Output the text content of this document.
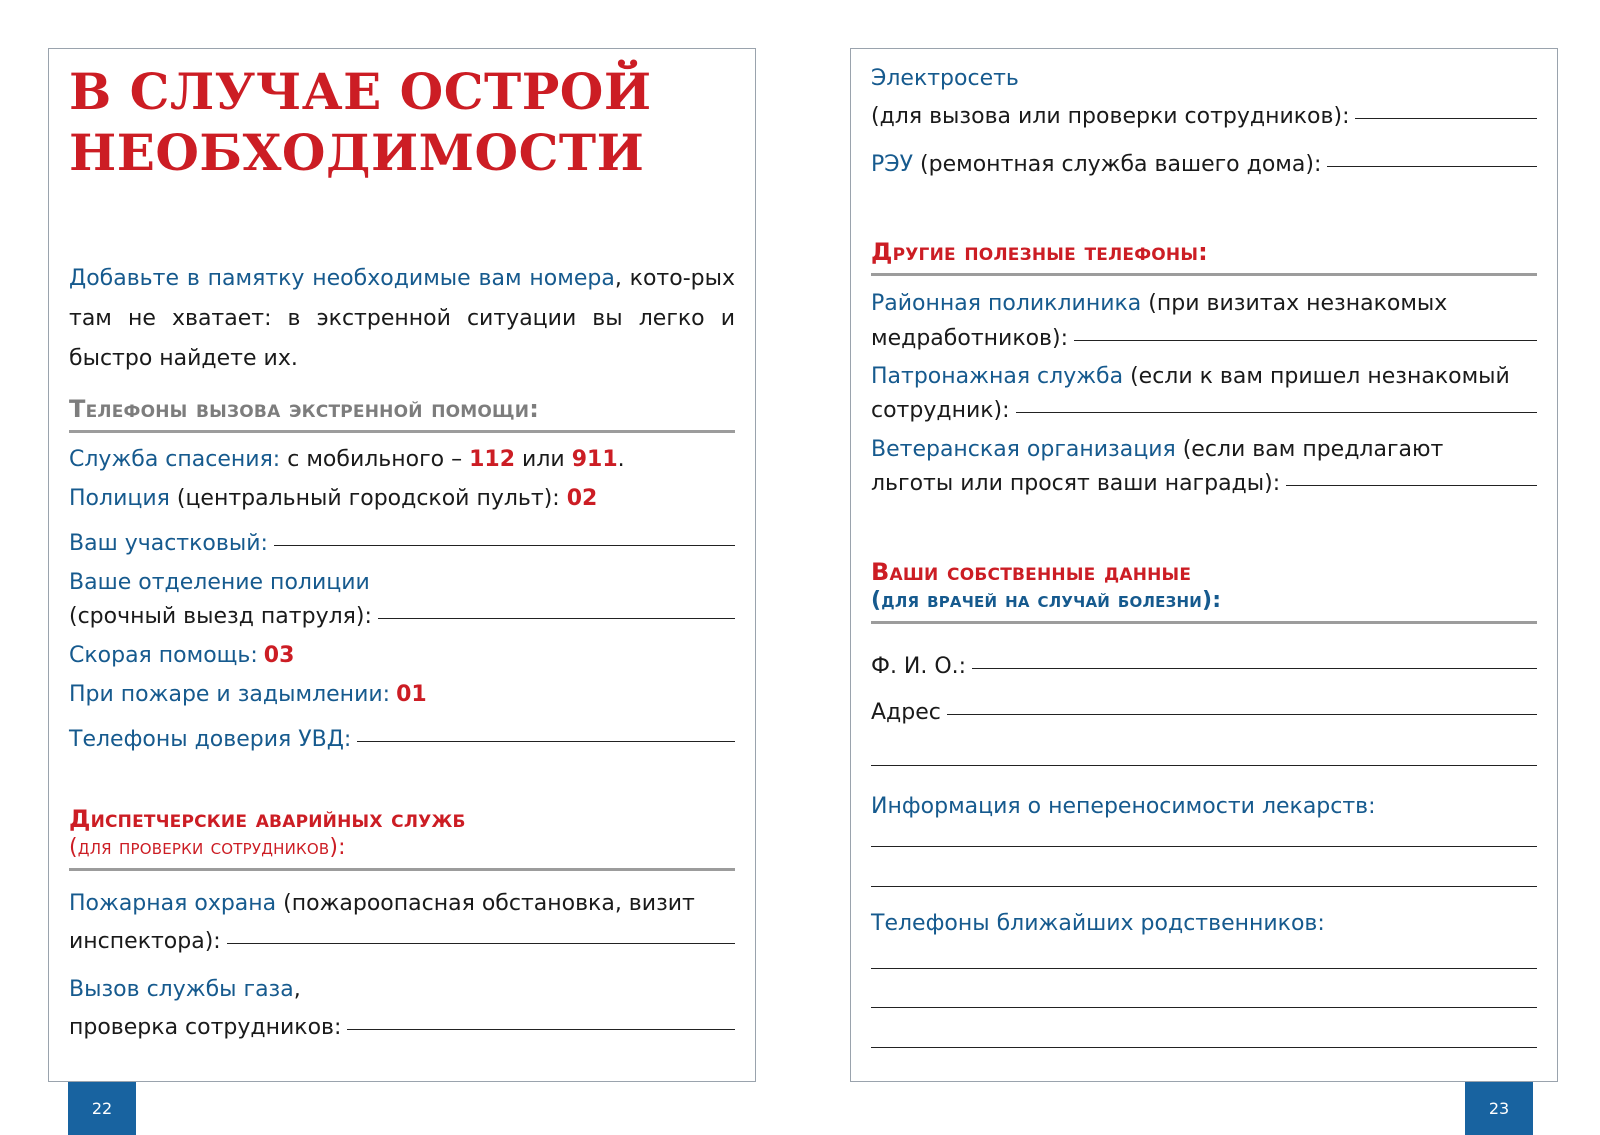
В СЛУЧАЕ ОСТРОЙ
НЕОБХОДИМОСТИ

Добавьте в памятку необходимые вам номера, кото-рых там не хватает: в экстренной ситуации вы легко и быстро найдете их.

Телефоны вызова экстренной помощи:

Служба спасения: с мобильного – 112 или 911 .

Полиция (центральный городской пульт): 02

Ваш участковый:

Ваше отделение полиции

(срочный выезд патруля):

Скорая помощь: 03

При пожаре и задымлении: 01

Телефоны доверия УВД:

Диспетчерские аварийных служб
(для проверки сотрудников):

Пожарная охрана (пожароопасная обстановка, визит

инспектора):

Вызов службы газа ,

проверка сотрудников:

22

Электросеть

(для вызова или проверки сотрудников):

РЭУ (ремонтная служба вашего дома):

Другие полезные телефоны:

Районная поликлиника (при визитах незнакомых

медработников):

Патронажная служба (если к вам пришел незнакомый

сотрудник):

Ветеранская организация (если вам предлагают

льготы или просят ваши награды):

Ваши собственные данные
(для врачей на случай болезни):

Ф. И. О.:

Адрес

Информация о непереносимости лекарств:

Телефоны ближайших родственников:

23
